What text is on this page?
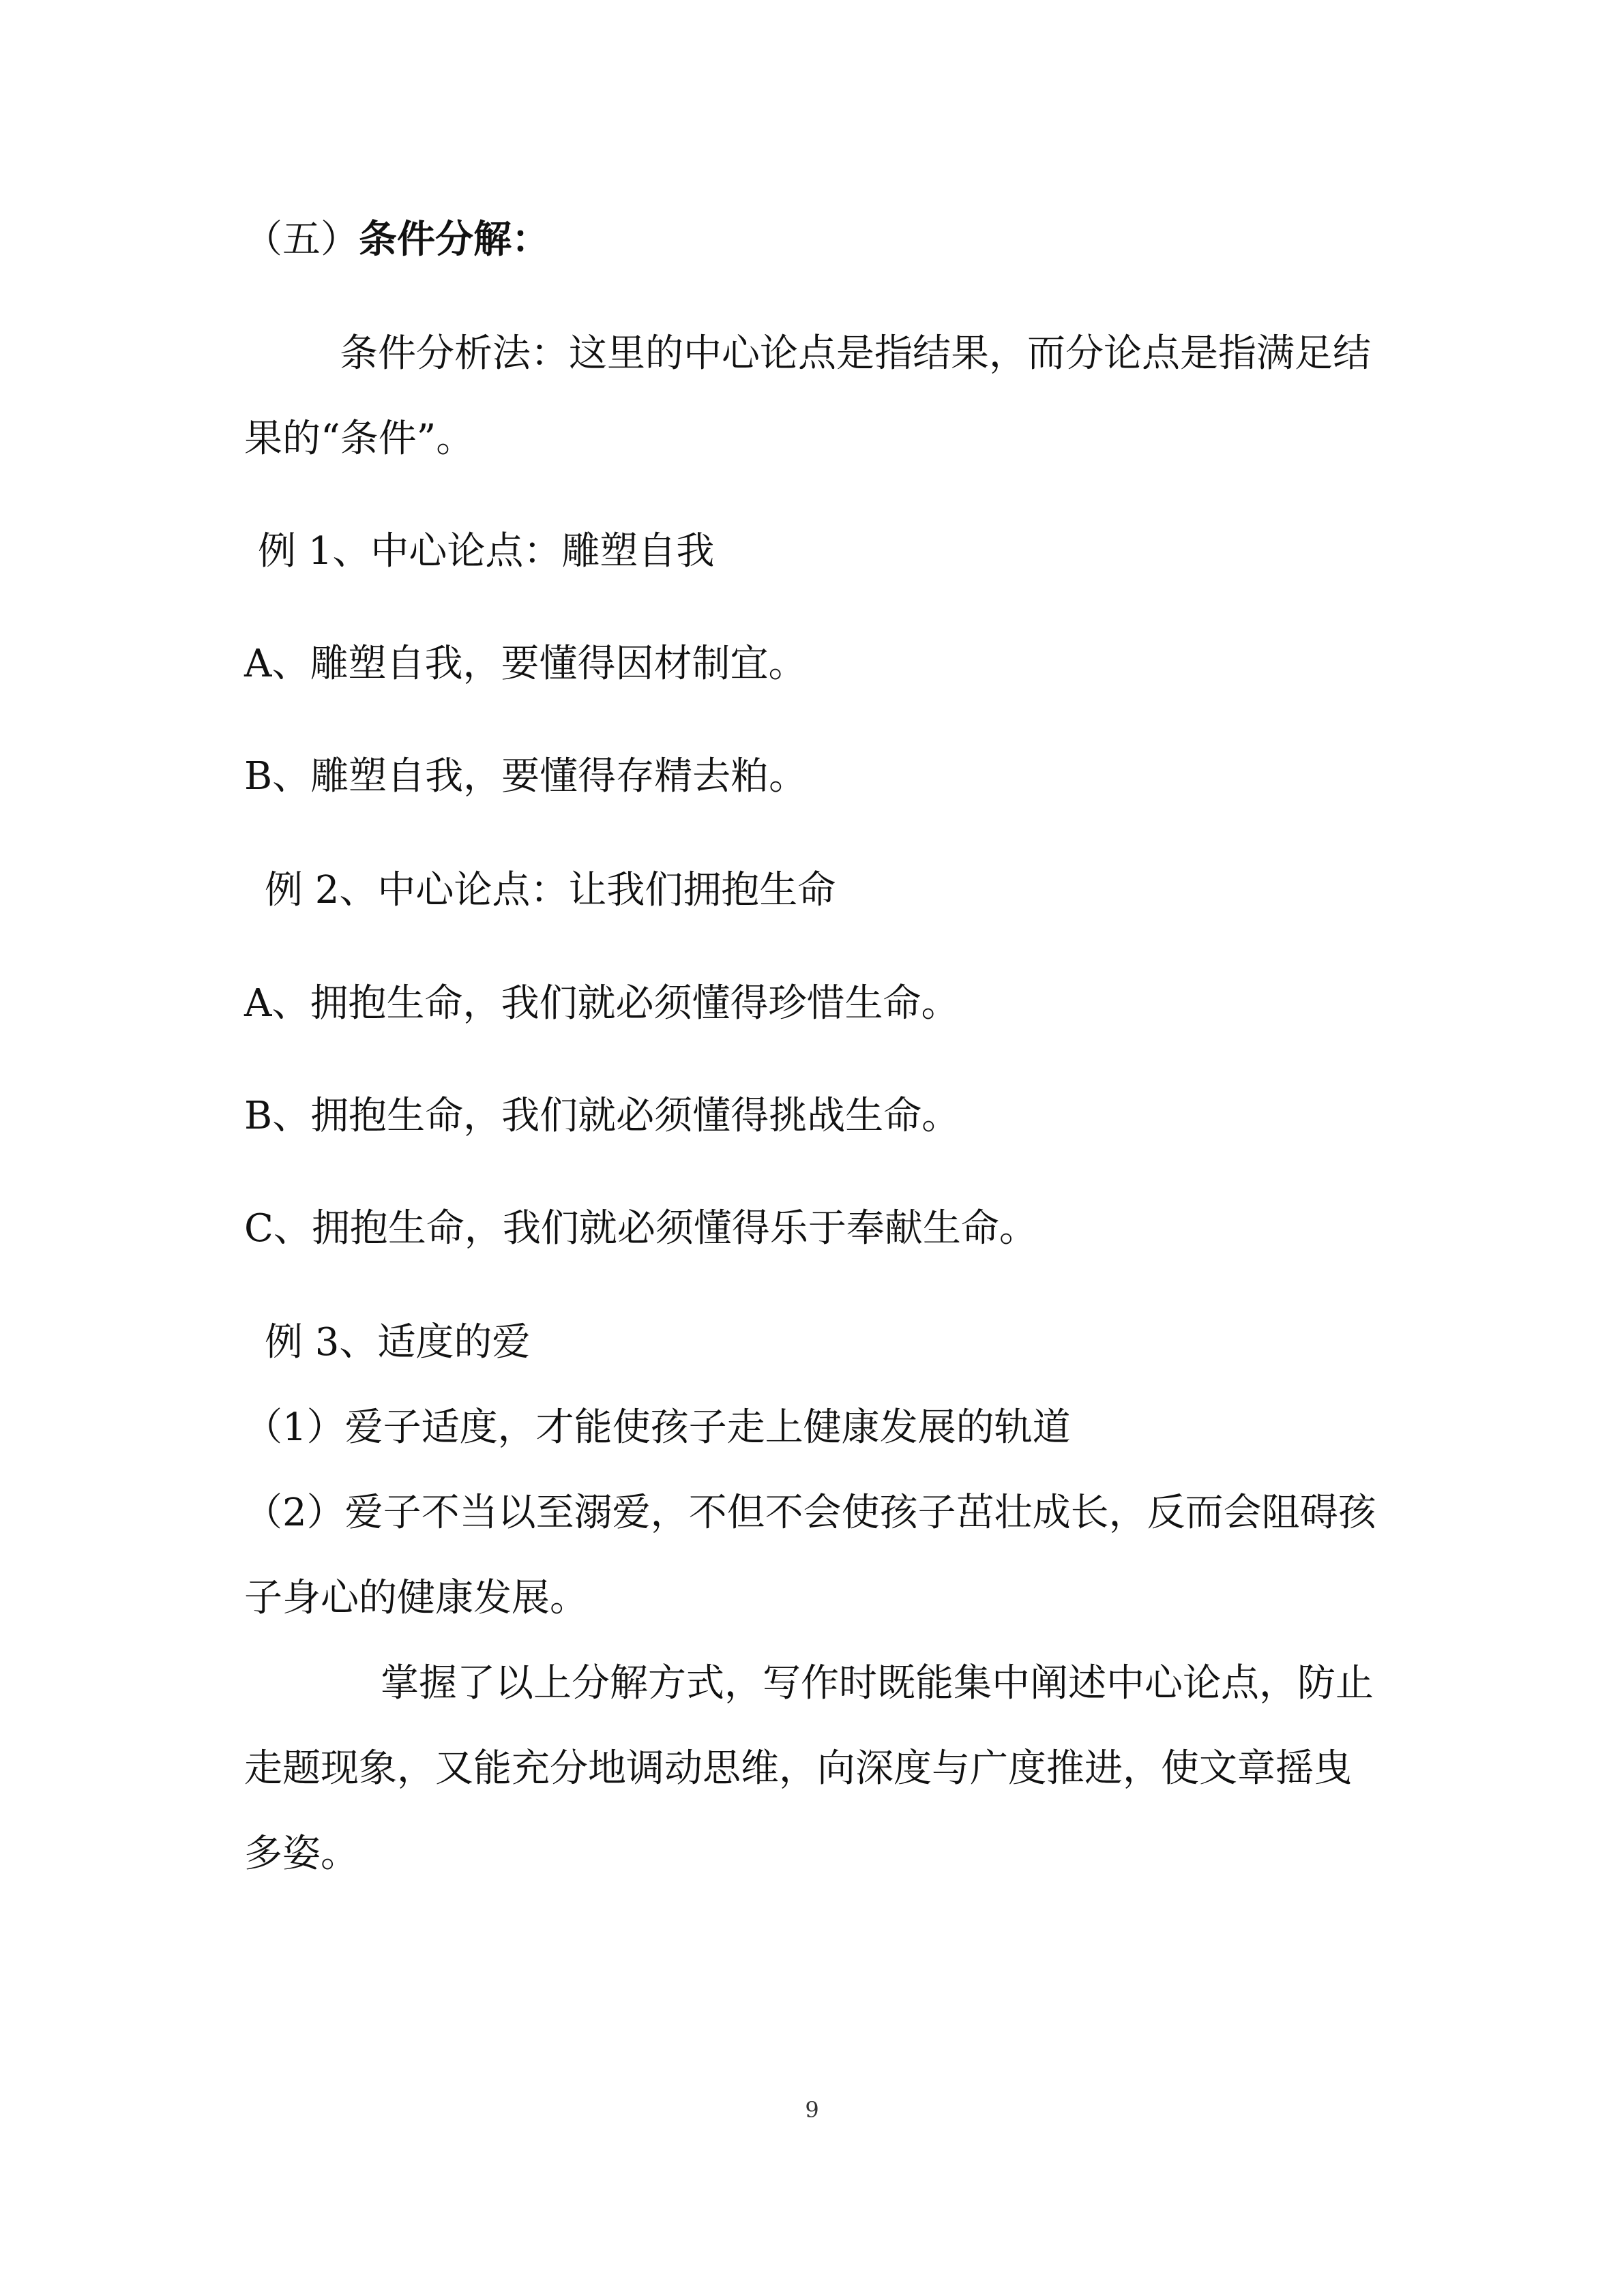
（五）条件分解：

条件分析法：这里的中心论点是指结果，而分论点是指满足结

果的“条件”。

例 1、中心论点：雕塑自我

A、雕塑自我，要懂得因材制宜。

B、雕塑自我，要懂得存精去粕。

例 2、中心论点：让我们拥抱生命

A、拥抱生命，我们就必须懂得珍惜生命。

B、拥抱生命，我们就必须懂得挑战生命。

C、拥抱生命，我们就必须懂得乐于奉献生命。

例 3、适度的爱

（1）爱子适度，才能使孩子走上健康发展的轨道

（2）爱子不当以至溺爱，不但不会使孩子茁壮成长，反而会阻碍孩

子身心的健康发展。

掌握了以上分解方式，写作时既能集中阐述中心论点，防止

走题现象，又能充分地调动思维，向深度与广度推进，使文章摇曳

多姿。

9
